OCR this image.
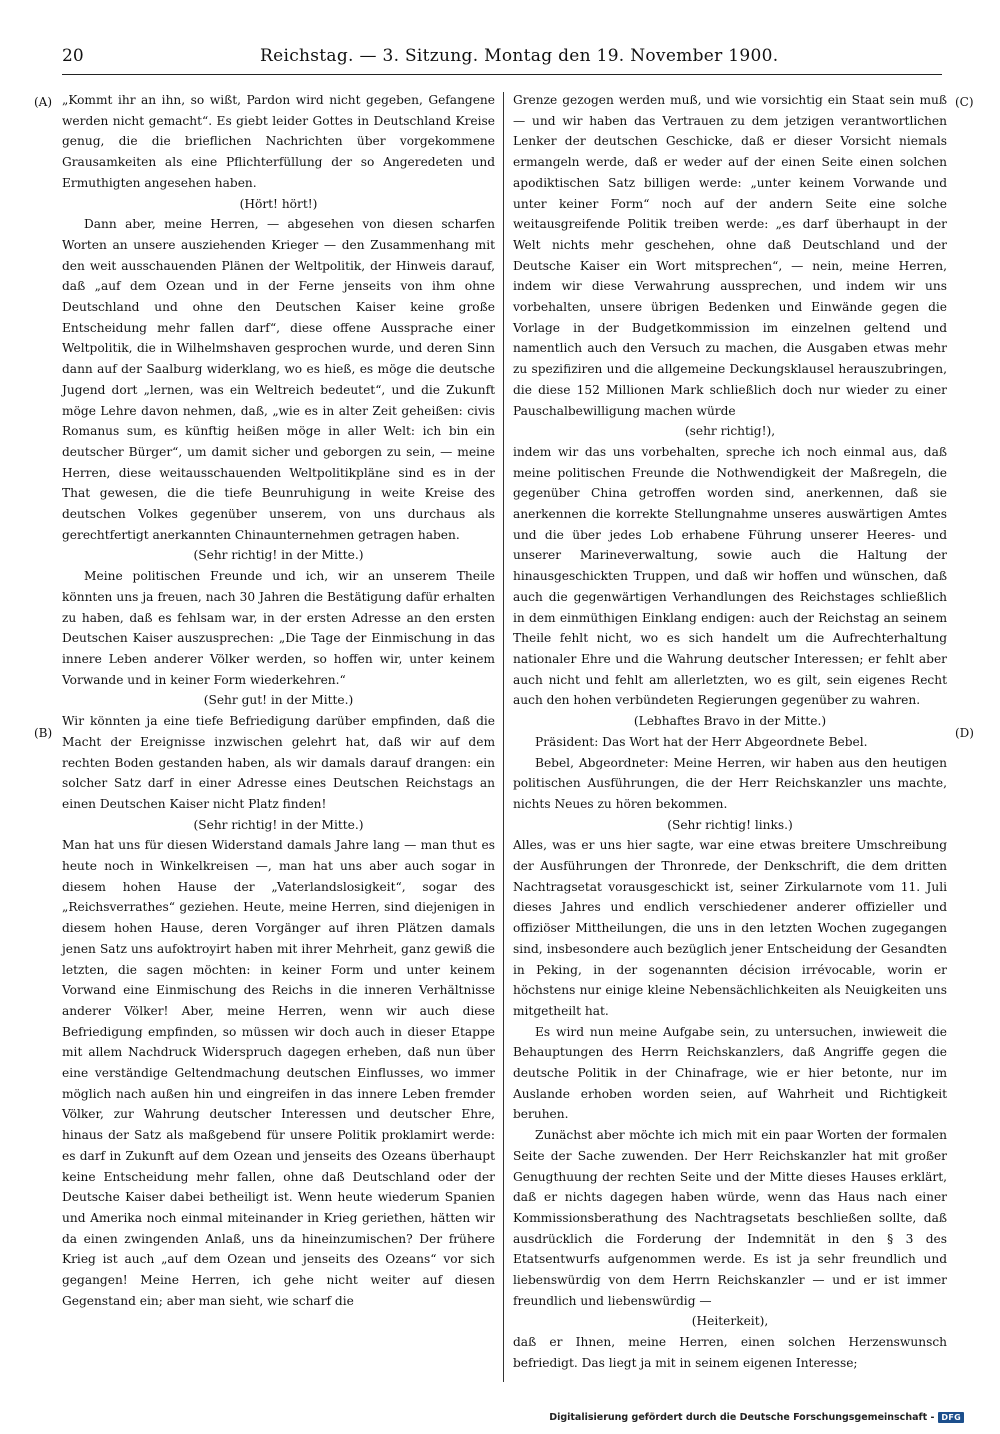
20	Reichstag. — 3. Sitzung. Montag den 19. November 1900.
(A)
(B)
(C)
(D)

„Kommt ihr an ihn, so wißt, Pardon wird nicht gegeben, Gefangene werden nicht gemacht“. Es giebt leider Gottes in Deutschland Kreise genug, die die brieflichen Nachrichten über vorgekommene Grausamkeiten als eine Pflichterfüllung der so Angeredeten und Ermuthigten angesehen haben.

(Hört! hört!)

Dann aber, meine Herren, — abgesehen von diesen scharfen Worten an unsere ausziehenden Krieger — den Zusammenhang mit den weit ausschauenden Plänen der Weltpolitik, der Hinweis darauf, daß „auf dem Ozean und in der Ferne jenseits von ihm ohne Deutschland und ohne den Deutschen Kaiser keine große Entscheidung mehr fallen darf“, diese offene Aussprache einer Weltpolitik, die in Wilhelmshaven gesprochen wurde, und deren Sinn dann auf der Saalburg widerklang, wo es hieß, es möge die deutsche Jugend dort „lernen, was ein Weltreich bedeutet“, und die Zukunft möge Lehre davon nehmen, daß, „wie es in alter Zeit geheißen: civis Romanus sum, es künftig heißen möge in aller Welt: ich bin ein deutscher Bürger“, um damit sicher und geborgen zu sein, — meine Herren, diese weitausschauenden Weltpolitikpläne sind es in der That gewesen, die die tiefe Beunruhigung in weite Kreise des deutschen Volkes gegenüber unserem, von uns durchaus als gerechtfertigt anerkannten Chinaunternehmen getragen haben.

(Sehr richtig! in der Mitte.)

Meine politischen Freunde und ich, wir an unserem Theile könnten uns ja freuen, nach 30 Jahren die Bestätigung dafür erhalten zu haben, daß es fehlsam war, in der ersten Adresse an den ersten Deutschen Kaiser auszusprechen: „Die Tage der Einmischung in das innere Leben anderer Völker werden, so hoffen wir, unter keinem Vorwande und in keiner Form wiederkehren.“

(Sehr gut! in der Mitte.)

Wir könnten ja eine tiefe Befriedigung darüber empfinden, daß die Macht der Ereignisse inzwischen gelehrt hat, daß wir auf dem rechten Boden gestanden haben, als wir damals darauf drangen: ein solcher Satz darf in einer Adresse eines Deutschen Reichstags an einen Deutschen Kaiser nicht Platz finden!

(Sehr richtig! in der Mitte.)

Man hat uns für diesen Widerstand damals Jahre lang — man thut es heute noch in Winkelkreisen —, man hat uns aber auch sogar in diesem hohen Hause der „Vaterlandslosigkeit“, sogar des „Reichsverrathes“ geziehen. Heute, meine Herren, sind diejenigen in diesem hohen Hause, deren Vorgänger auf ihren Plätzen damals jenen Satz uns aufoktroyirt haben mit ihrer Mehrheit, ganz gewiß die letzten, die sagen möchten: in keiner Form und unter keinem Vorwand eine Einmischung des Reichs in die inneren Verhältnisse anderer Völker! Aber, meine Herren, wenn wir auch diese Befriedigung empfinden, so müssen wir doch auch in dieser Etappe mit allem Nachdruck Widerspruch dagegen erheben, daß nun über eine verständige Geltendmachung deutschen Einflusses, wo immer möglich nach außen hin und eingreifen in das innere Leben fremder Völker, zur Wahrung deutscher Interessen und deutscher Ehre, hinaus der Satz als maßgebend für unsere Politik proklamirt werde: es darf in Zukunft auf dem Ozean und jenseits des Ozeans überhaupt keine Entscheidung mehr fallen, ohne daß Deutschland oder der Deutsche Kaiser dabei betheiligt ist. Wenn heute wiederum Spanien und Amerika noch einmal miteinander in Krieg geriethen, hätten wir da einen zwingenden Anlaß, uns da hineinzumischen? Der frühere Krieg ist auch „auf dem Ozean und jenseits des Ozeans“ vor sich gegangen! Meine Herren, ich gehe nicht weiter auf diesen Gegenstand ein; aber man sieht, wie scharf die

Grenze gezogen werden muß, und wie vorsichtig ein Staat sein muß — und wir haben das Vertrauen zu dem jetzigen verantwortlichen Lenker der deutschen Geschicke, daß er dieser Vorsicht niemals ermangeln werde, daß er weder auf der einen Seite einen solchen apodiktischen Satz billigen werde: „unter keinem Vorwande und unter keiner Form“ noch auf der andern Seite eine solche weitausgreifende Politik treiben werde: „es darf überhaupt in der Welt nichts mehr geschehen, ohne daß Deutschland und der Deutsche Kaiser ein Wort mitsprechen“, — nein, meine Herren, indem wir diese Verwahrung aussprechen, und indem wir uns vorbehalten, unsere übrigen Bedenken und Einwände gegen die Vorlage in der Budgetkommission im einzelnen geltend und namentlich auch den Versuch zu machen, die Ausgaben etwas mehr zu spezifiziren und die allgemeine Deckungsklausel herauszubringen, die diese 152 Millionen Mark schließlich doch nur wieder zu einer Pauschalbewilligung machen würde

(sehr richtig!),

indem wir das uns vorbehalten, spreche ich noch einmal aus, daß meine politischen Freunde die Nothwendigkeit der Maßregeln, die gegenüber China getroffen worden sind, anerkennen, daß sie anerkennen die korrekte Stellungnahme unseres auswärtigen Amtes und die über jedes Lob erhabene Führung unserer Heeres- und unserer Marineverwaltung, sowie auch die Haltung der hinausgeschickten Truppen, und daß wir hoffen und wünschen, daß auch die gegenwärtigen Verhandlungen des Reichstages schließlich in dem einmüthigen Einklang endigen: auch der Reichstag an seinem Theile fehlt nicht, wo es sich handelt um die Aufrechterhaltung nationaler Ehre und die Wahrung deutscher Interessen; er fehlt aber auch nicht und fehlt am allerletzten, wo es gilt, sein eigenes Recht auch den hohen verbündeten Regierungen gegenüber zu wahren.

(Lebhaftes Bravo in der Mitte.)

Präsident: Das Wort hat der Herr Abgeordnete Bebel.

Bebel, Abgeordneter: Meine Herren, wir haben aus den heutigen politischen Ausführungen, die der Herr Reichskanzler uns machte, nichts Neues zu hören bekommen.

(Sehr richtig! links.)

Alles, was er uns hier sagte, war eine etwas breitere Umschreibung der Ausführungen der Thronrede, der Denkschrift, die dem dritten Nachtragsetat vorausgeschickt ist, seiner Zirkularnote vom 11. Juli dieses Jahres und endlich verschiedener anderer offizieller und offiziöser Mittheilungen, die uns in den letzten Wochen zugegangen sind, insbesondere auch bezüglich jener Entscheidung der Gesandten in Peking, in der sogenannten décision irrévocable, worin er höchstens nur einige kleine Nebensächlichkeiten als Neuigkeiten uns mitgetheilt hat.

Es wird nun meine Aufgabe sein, zu untersuchen, inwieweit die Behauptungen des Herrn Reichskanzlers, daß Angriffe gegen die deutsche Politik in der Chinafrage, wie er hier betonte, nur im Auslande erhoben worden seien, auf Wahrheit und Richtigkeit beruhen.

Zunächst aber möchte ich mich mit ein paar Worten der formalen Seite der Sache zuwenden. Der Herr Reichskanzler hat mit großer Genugthuung der rechten Seite und der Mitte dieses Hauses erklärt, daß er nichts dagegen haben würde, wenn das Haus nach einer Kommissionsberathung des Nachtragsetats beschließen sollte, daß ausdrücklich die Forderung der Indemnität in den § 3 des Etatsentwurfs aufgenommen werde. Es ist ja sehr freundlich und liebenswürdig von dem Herrn Reichskanzler — und er ist immer freundlich und liebenswürdig —

(Heiterkeit),

daß er Ihnen, meine Herren, einen solchen Herzenswunsch befriedigt. Das liegt ja mit in seinem eigenen Interesse;

Digitalisierung gefördert durch die Deutsche Forschungsgemeinschaft - DFG
